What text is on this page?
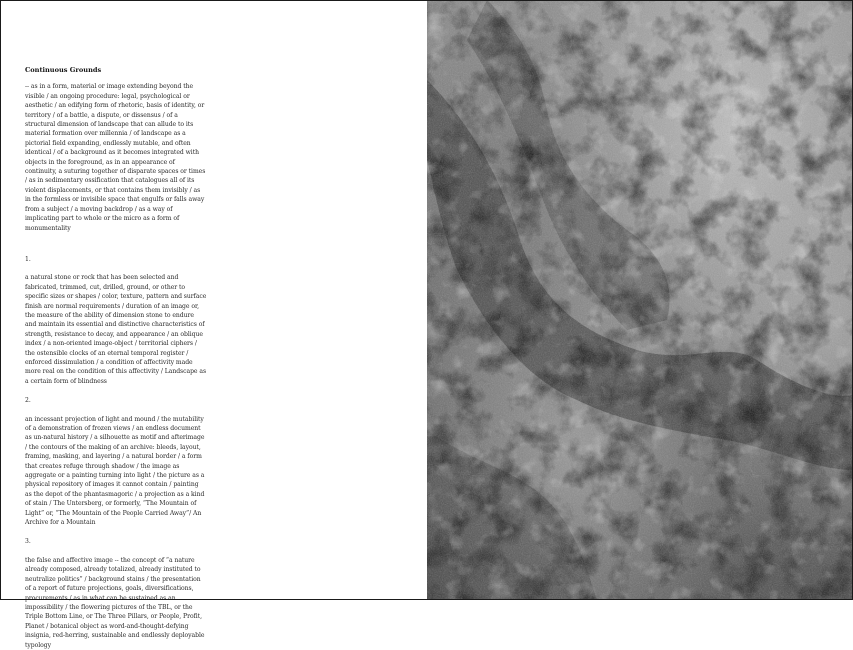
Continuous Grounds

-- as in a form, material or image extending beyond the visible / an ongoing procedure: legal, psychological or aesthetic / an edifying form of rhetoric, basis of identity, or territory / of a battle, a dispute, or dissensus / of a structural dimension of landscape that can allude to its material formation over millennia / of landscape as a pictorial field expanding, endlessly mutable, and often identical / of a background as it becomes integrated with objects in the foreground, as in an appearance of continuity, a suturing together of disparate spaces or times / as in sedimentary ossification that catalogues all of its violent displacements, or that contains them invisibly / as in the formless or invisible space that engulfs or falls away from a subject / a moving backdrop / as a way of implicating part to whole or the micro as a form of monumentality

1.

a natural stone or rock that has been selected and fabricated, trimmed, cut, drilled, ground, or other to specific sizes or shapes / color, texture, pattern and surface finish are normal requirements / duration of an image or, the measure of the ability of dimension stone to endure and maintain its essential and distinctive characteristics of strength, resistance to decay, and appearance / an oblique index / a non-oriented image-object / territorial ciphers / the ostensible clocks of an eternal temporal register / enforced dissimulation / a condition of affectivity made more real on the condition of this affectivity / Landscape as a certain form of blindness

2.

an incessant projection of light and mound / the mutability of a demonstration of frozen views / an endless document as un-natural history / a silhouette as motif and afterimage / the contours of the making of an archive: bleeds, layout, framing, masking, and layering / a natural border / a form that creates refuge through shadow / the image as aggregate or a painting turning into light / the picture as a physical repository of images it cannot contain / painting as the depot of the phantasmagoric / a projection as a kind of stain / The Untersberg, or formerly, “The Mountain of Light” or, “The Mountain of the People Carried Away”/ An Archive for a Mountain

3.

the false and affective image -- the concept of “a nature already composed, already totalized, already instituted to neutralize politics” / background stains / the presentation of a report of future projections, goals, diversifications, procurements / as in what can be sustained as an impossibility / the flowering pictures of the TBL, or the Triple Bottom Line, or The Three Pillars, or People, Profit, Planet / botanical object as word-and-thought-defying insignia, red-herring, sustainable and endlessly deployable typology
